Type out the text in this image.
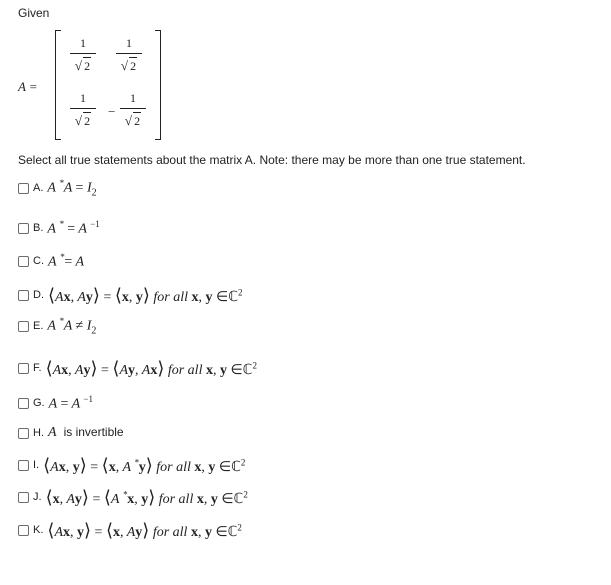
Given
A =
1
√ 2
1
√ 2
1
√ 2
−
1
√ 2
Select all true statements about the matrix A. Note: there may be more than one true statement.
A. A $^*A = I_2$
B. A * = A $^{-1}$
C. A *= A
D. ⟨Ax, Ay⟩ = ⟨x, y⟩ for all x, y ∈ℂ$^2$
E. A $^*A \ne I_2$
F. ⟨Ax, Ay⟩ = ⟨Ay, Ax⟩ for all x, y ∈ℂ$^2$
G. A = A $^{-1}$
H. A is invertible
I. ⟨Ax, y⟩ = ⟨x, A *y⟩ for all x, y ∈ℂ$^2$
J. ⟨x, Ay⟩ = ⟨A *x, y⟩ for all x, y ∈ℂ$^2$
K. ⟨Ax, y⟩ = ⟨x, Ay⟩ for all x, y ∈ℂ$^2$
